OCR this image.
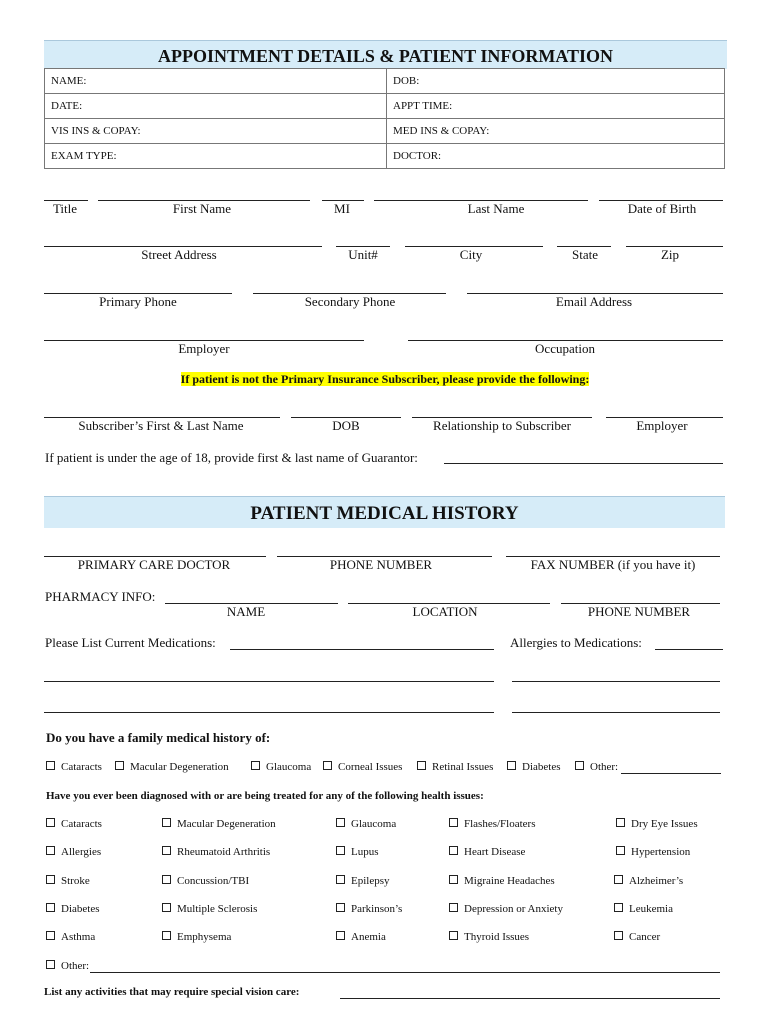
APPOINTMENT DETAILS & PATIENT INFORMATION
NAME:	DOB:
DATE:	APPT TIME:
VIS INS & COPAY:	MED INS & COPAY:
EXAM TYPE:	DOCTOR:
Title	First Name	MI	Last Name	Date of Birth
Street Address	Unit#	City	State	Zip
Primary Phone	Secondary Phone	Email Address
Employer	Occupation
If patient is not the Primary Insurance Subscriber, please provide the following:
Subscriber’s First & Last Name	DOB	Relationship to Subscriber	Employer
If patient is under the age of 18, provide first & last name of Guarantor:
PATIENT MEDICAL HISTORY
PRIMARY CARE DOCTOR	PHONE NUMBER	FAX NUMBER (if you have it)
PHARMACY INFO:
NAME	LOCATION	PHONE NUMBER
Please List Current Medications:	Allergies to Medications:
Do you have a family medical history of:
Cataracts	Macular Degeneration	Glaucoma	Corneal Issues	Retinal Issues	Diabetes	Other:
Have you ever been diagnosed with or are being treated for any of the following health issues:
Cataracts	Macular Degeneration	Glaucoma	Flashes/Floaters	Dry Eye Issues
Allergies	Rheumatoid Arthritis	Lupus	Heart Disease	Hypertension
Stroke	Concussion/TBI	Epilepsy	Migraine Headaches	Alzheimer’s
Diabetes	Multiple Sclerosis	Parkinson’s	Depression or Anxiety	Leukemia
Asthma	Emphysema	Anemia	Thyroid Issues	Cancer
Other:
List any activities that may require special vision care:
